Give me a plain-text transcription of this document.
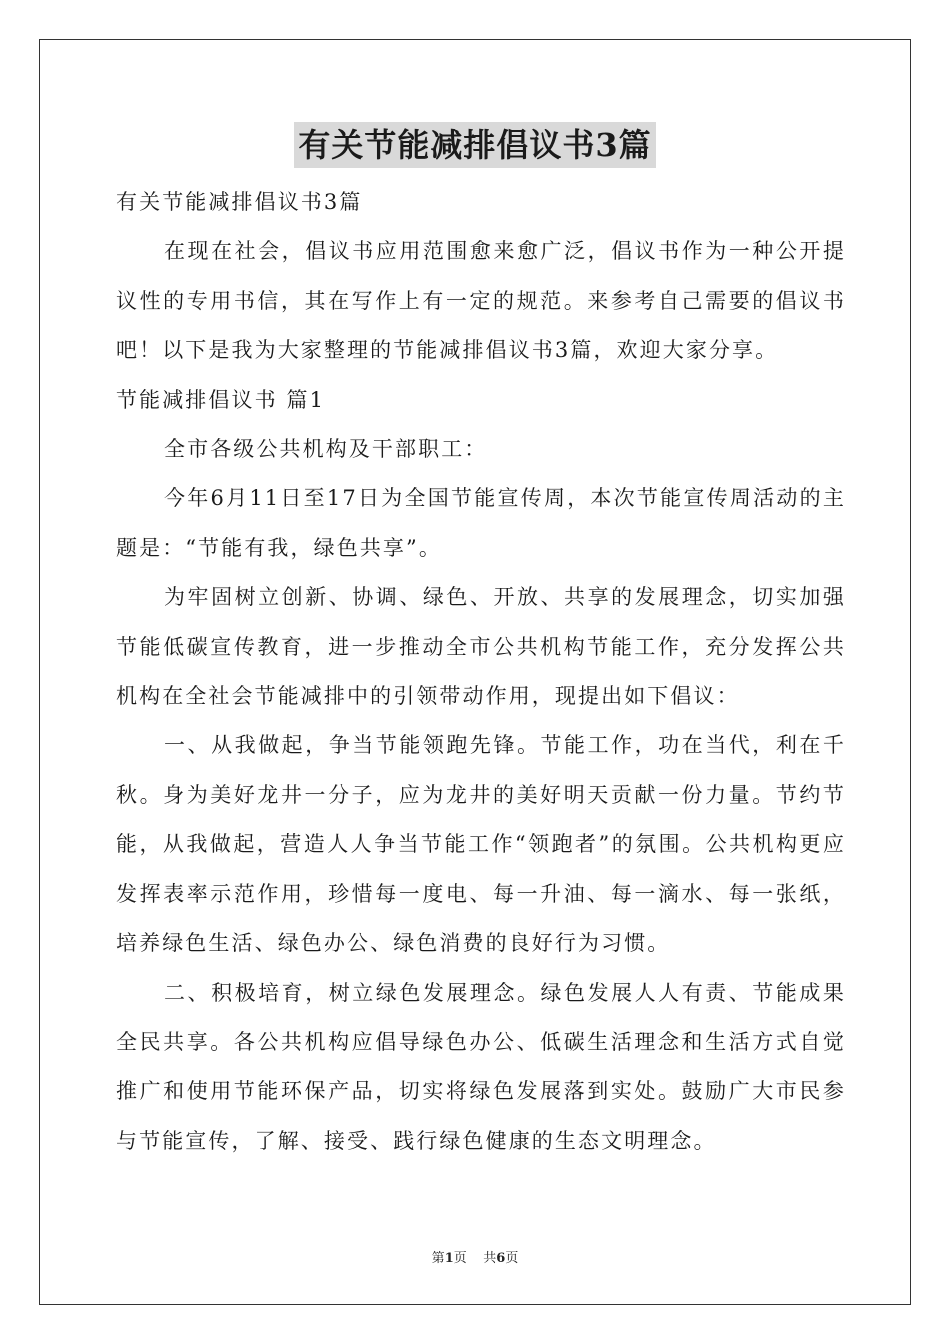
有关节能减排倡议书3篇

有关节能减排倡议书3篇

在现在社会，倡议书应用范围愈来愈广泛，倡议书作为一种公开提议性的专用书信，其在写作上有一定的规范。来参考自己需要的倡议书吧！以下是我为大家整理的节能减排倡议书3篇，欢迎大家分享。

节能减排倡议书 篇1

全市各级公共机构及干部职工：

今年6月11日至17日为全国节能宣传周，本次节能宣传周活动的主题是：“节能有我，绿色共享”。

为牢固树立创新、协调、绿色、开放、共享的发展理念，切实加强节能低碳宣传教育，进一步推动全市公共机构节能工作，充分发挥公共机构在全社会节能减排中的引领带动作用，现提出如下倡议：

一、从我做起，争当节能领跑先锋。节能工作，功在当代，利在千秋。身为美好龙井一分子，应为龙井的美好明天贡献一份力量。节约节能，从我做起，营造人人争当节能工作“领跑者”的氛围。公共机构更应发挥表率示范作用，珍惜每一度电、每一升油、每一滴水、每一张纸，培养绿色生活、绿色办公、绿色消费的良好行为习惯。

二、积极培育，树立绿色发展理念。绿色发展人人有责、节能成果全民共享。各公共机构应倡导绿色办公、低碳生活理念和生活方式自觉推广和使用节能环保产品，切实将绿色发展落到实处。鼓励广大市民参与节能宣传，了解、接受、践行绿色健康的生态文明理念。

第1页    共6页
